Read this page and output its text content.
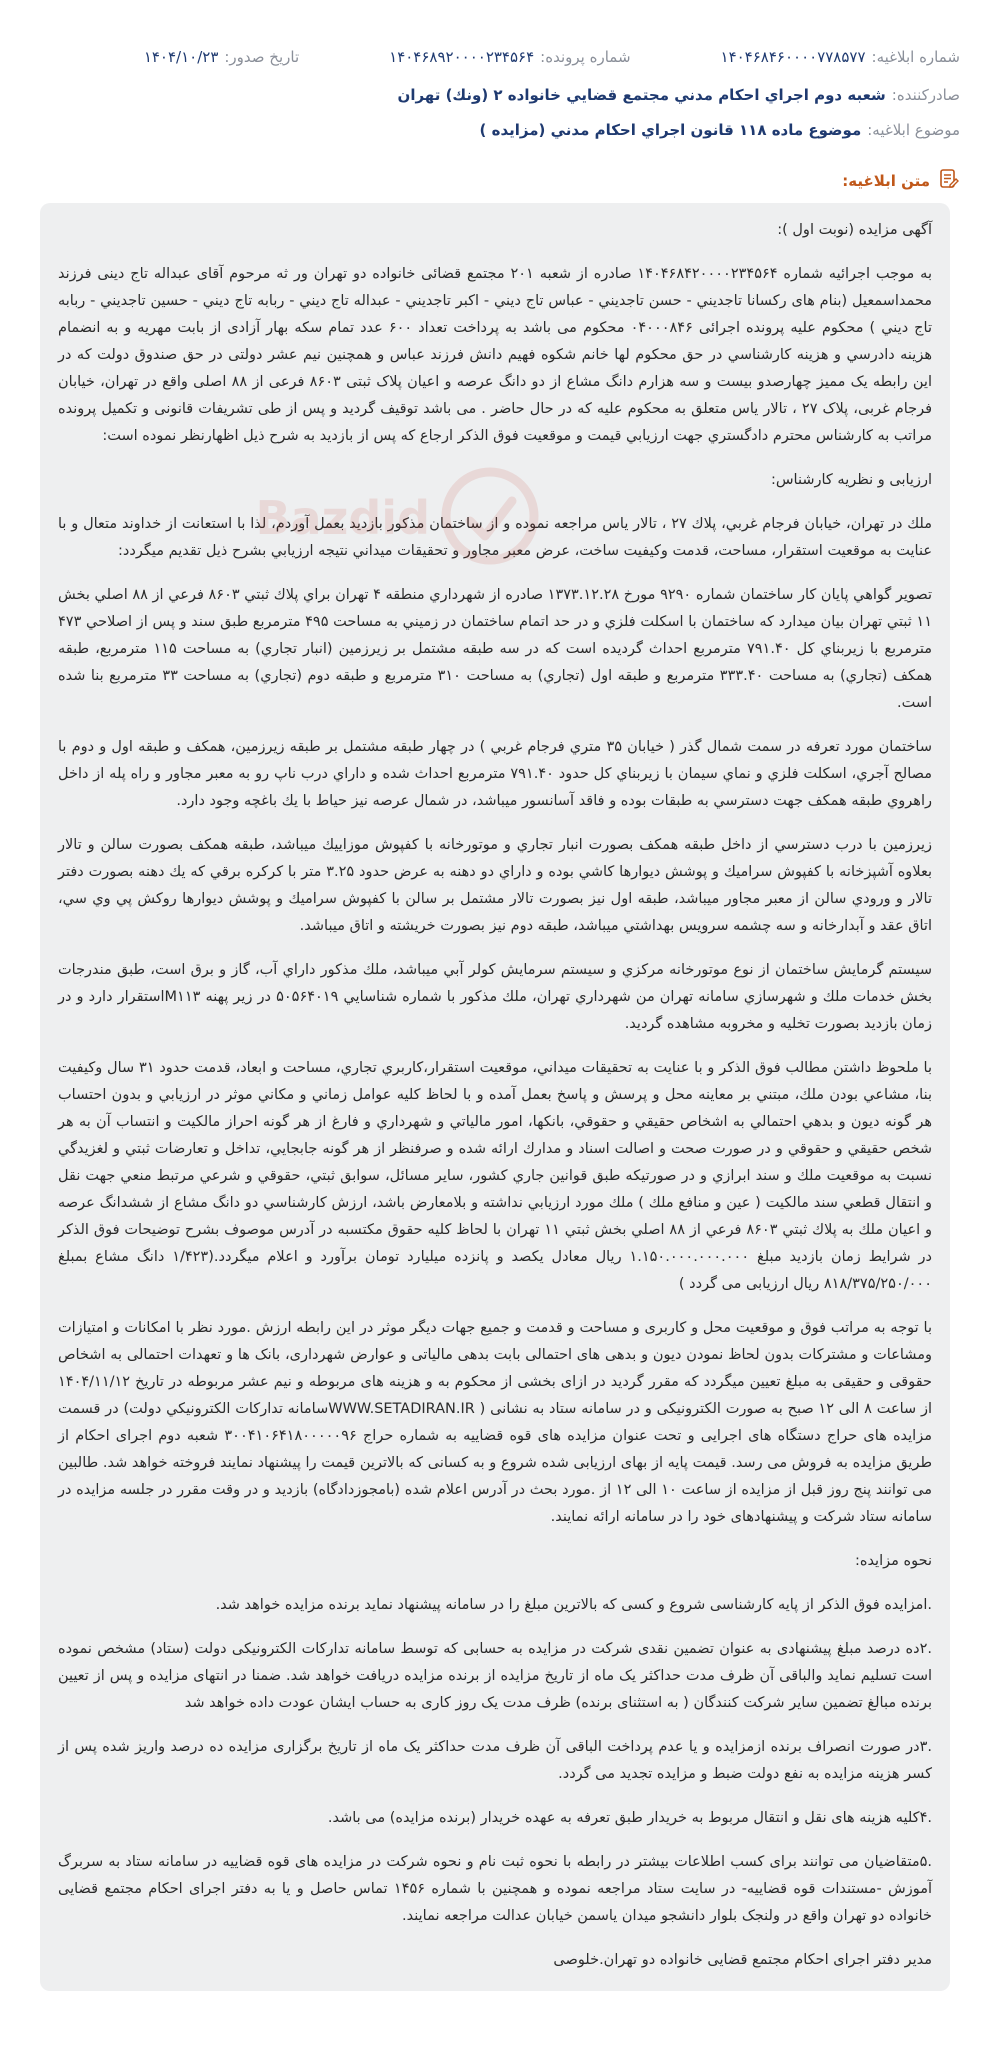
شماره ابلاغیه:
۱۴۰۴۶۸۴۶۰۰۰۰۷۷۸۵۷۷
شماره پرونده:
۱۴۰۴۶۸۹۲۰۰۰۰۲۳۴۵۶۴
تاریخ صدور:
۱۴۰۴/۱۰/۲۳
صادرکننده:
شعبه دوم اجراي احكام مدني مجتمع قضايي خانواده ۲ (ونك) تهران
موضوع ابلاغیه:
موضوع ماده ۱۱۸ قانون اجراي احكام مدني (مزايده )
متن ابلاغیه:
Bazdid

آگهی مزایده (نوبت اول ):

به موجب اجرائيه شماره ۱۴۰۴۶۸۴۲۰۰۰۰۲۳۴۵۶۴ صادره از شعبه ۲۰۱ مجتمع قضائی خانواده دو تهران ور ثه مرحوم آقای عبداله تاج دینی فرزند محمداسمعیل (بنام های ركسانا تاجديني - حسن تاجديني - عباس تاج ديني - اكبر تاجديني - عبداله تاج ديني - ربابه تاج ديني - حسين تاجديني - ربابه تاج ديني ) محكوم عليه پرونده اجرائی ۰۴۰۰۰۸۴۶ محكوم می باشد به پرداخت تعداد ۶۰۰ عدد تمام سکه بهار آزادی از بابت مهریه و به انضمام هزينه دادرسي و هزينه كارشناسي در حق محکوم لها خانم شکوه فهیم دانش فرزند عباس و همچنین نیم عشر دولتی در حق صندوق دولت كه در اين رابطه یک ممیز چهارصدو بیست و سه هزارم دانگ مشاع از دو دانگ عرصه و اعیان پلاک ثبتی ۸۶۰۳ فرعی از ۸۸ اصلی واقع در تهران، خیابان فرجام غربی، پلاک ۲۷ ، تالار یاس متعلق به محکوم علیه که در حال حاضر . می باشد توقیف گردید و پس از طی تشریفات قانونی و تکمیل پرونده مراتب به كارشناس محترم دادگستري جهت ارزيابي قيمت و موقعيت فوق الذكر ارجاع كه پس از بازديد به شرح ذيل اظهارنظر نموده است:

ارزيابی و نظريه كارشناس:

ملك در تهران، خيابان فرجام غربي، پلاك ۲۷ ، تالار ياس مراجعه نموده و از ساختمان مذكور بازديد بعمل آوردم، لذا با استعانت از خداوند متعال و با عنايت به موقعيت استقرار، مساحت، قدمت وكيفيت ساخت، عرض معبر مجاور و تحقيقات ميداني نتيجه ارزيابي بشرح ذيل تقديم ميگردد:

تصوير گواهي پايان كار ساختمان شماره ۹۲۹۰ مورخ ۱۳۷۳.۱۲.۲۸ صادره از شهرداري منطقه ۴ تهران براي پلاك ثبتي ۸۶۰۳ فرعي از ۸۸ اصلي بخش ۱۱ ثبتي تهران بيان ميدارد كه ساختمان با اسكلت فلزي و در حد اتمام ساختمان در زميني به مساحت ۴۹۵ مترمربع طبق سند و پس از اصلاحي ۴۷۳ مترمربع با زيربناي كل ۷۹۱.۴۰ مترمربع احداث گرديده است كه در سه طبقه مشتمل بر زيرزمين (انبار تجاري) به مساحت ۱۱۵ مترمربع، طبقه همكف (تجاري) به مساحت ۳۳۳.۴۰ مترمربع و طبقه اول (تجاري) به مساحت ۳۱۰ مترمربع و طبقه دوم (تجاري) به مساحت ۳۳ مترمربع بنا شده است.

ساختمان مورد تعرفه در سمت شمال گذر ( خيابان ۳۵ متري فرجام غربي ) در چهار طبقه مشتمل بر طبقه زيرزمين، همكف و طبقه اول و دوم با مصالح آجري، اسكلت فلزي و نماي سيمان با زيربناي كل حدود ۷۹۱.۴۰ مترمربع احداث شده و داراي درب ناپ رو به معبر مجاور و راه پله از داخل راهروي طبقه همكف جهت دسترسي به طبقات بوده و فاقد آسانسور ميباشد، در شمال عرصه نيز حياط با يك باغچه وجود دارد.

زيرزمين با درب دسترسي از داخل طبقه همكف بصورت انبار تجاري و موتورخانه با كفپوش موزاييك ميباشد، طبقه همكف بصورت سالن و تالار بعلاوه آشپزخانه با كفپوش سراميك و پوشش ديوارها كاشي بوده و داراي دو دهنه به عرض حدود ۳.۲۵ متر با كركره برقي كه يك دهنه بصورت دفتر تالار و ورودي سالن از معبر مجاور ميباشد، طبقه اول نيز بصورت تالار مشتمل بر سالن با كفپوش سراميك و پوشش ديوارها روكش پي وي سي، اتاق عقد و آبدارخانه و سه چشمه سرويس بهداشتي ميباشد، طبقه دوم نيز بصورت خريشته و اتاق ميباشد.

سيستم گرمايش ساختمان از نوع موتورخانه مركزي و سيستم سرمايش كولر آبي ميباشد، ملك مذكور داراي آب، گاز و برق است، طبق مندرجات بخش خدمات ملك و شهرسازي سامانه تهران من شهرداري تهران، ملك مذكور با شماره شناسايي ۵۰۵۶۴۰۱۹ در زير پهنه M۱۱۳استقرار دارد و در زمان بازديد بصورت تخليه و مخروبه مشاهده گرديد.

با ملحوظ داشتن مطالب فوق الذكر و با عنايت به تحقيقات ميداني، موقعيت استقرار،كاربري تجاري، مساحت و ابعاد، قدمت حدود ۳۱ سال وكيفيت بنا، مشاعي بودن ملك، مبتني بر معاينه محل و پرسش و پاسخ بعمل آمده و با لحاظ كليه عوامل زماني و مكاني موثر در ارزيابي و بدون احتساب هر گونه ديون و بدهي احتمالي به اشخاص حقيقي و حقوقي، بانكها، امور مالياتي و شهرداري و فارغ از هر گونه احراز مالكيت و انتساب آن به هر شخص حقيقي و حقوقي و در صورت صحت و اصالت اسناد و مدارك ارائه شده و صرفنظر از هر گونه جابجايي، تداخل و تعارضات ثبتي و لغزيدگي نسبت به موقعيت ملك و سند ابرازي و در صورتيكه طبق قوانين جاري كشور، ساير مسائل، سوابق ثبتي، حقوقي و شرعي مرتبط منعي جهت نقل و انتقال قطعي سند مالكيت ( عين و منافع ملك ) ملك مورد ارزيابي نداشته و بلامعارض باشد، ارزش كارشناسي دو دانگ مشاع از ششدانگ عرصه و اعيان ملك به پلاك ثبتي ۸۶۰۳ فرعي از ۸۸ اصلي بخش ثبتي ۱۱ تهران با لحاظ كليه حقوق مكتسبه در آدرس موصوف بشرح توضيحات فوق الذكر در شرايط زمان بازديد مبلغ ۱.۱۵۰.۰۰۰.۰۰۰.۰۰۰ ريال معادل يكصد و پانزده ميليارد تومان برآورد و اعلام ميگردد.(۱/۴۲۳ دانگ مشاع بمبلغ ۸۱۸/۳۷۵/۲۵۰/۰۰۰ ریال ارزیابی می گردد )

با توجه به مراتب فوق و موقعیت محل و کاربری و مساحت و قدمت و جمیع جهات دیگر موثر در این رابطه ارزش .مورد نظر با امکانات و امتیازات ومشاعات و مشترکات بدون لحاظ نمودن دیون و بدهی های احتمالی بابت بدهی مالیاتی و عوارض شهرداری، بانک ها و تعهدات احتمالی به اشخاص حقوقی و حقیقی به مبلغ تعیین میگردد که مقرر گردید در ازای بخشی از محکوم به و هزینه های مربوطه و نیم عشر مربوطه در تاریخ ۱۴۰۴/۱۱/۱۲ از ساعت ۸ الی ۱۲ صبح به صورت الکترونیکی و در سامانه ستاد به نشانی ( WWW.SETADIRAN.IRسامانه تداركات الكترونيكي دولت) در قسمت مزایده های حراج دستگاه های اجرایی و تحت عنوان مزایده های قوه قضاییه به شماره حراج ۳۰۰۴۱۰۶۴۱۸۰۰۰۰۰۹۶ شعبه دوم اجرای احکام از طریق مزایده به فروش می رسد. قیمت پایه از بهای ارزیابی شده شروع و به کسانی که بالاترین قیمت را پیشنهاد نمایند فروخته خواهد شد. طالبین می توانند پنج روز قبل از مزایده از ساعت ۱۰ الی ۱۲ از .مورد بحث در آدرس اعلام شده (بامجوزدادگاه) بازدید و در وقت مقرر در جلسه مزایده در سامانه ستاد شرکت و پیشنهادهای خود را در سامانه ارائه نمایند.

نحوه مزایده:

.امزایده فوق الذکر از پایه کارشناسی شروع و کسی که بالاترین مبلغ را در سامانه پیشنهاد نماید برنده مزایده خواهد شد.

.۲ده درصد مبلغ پیشنهادی به عنوان تضمین نقدی شرکت در مزایده به حسابی که توسط سامانه تدارکات الکترونیکی دولت (ستاد) مشخص نموده است تسلیم نماید والباقی آن ظرف مدت حداکثر یک ماه از تاریخ مزایده از برنده مزایده دریافت خواهد شد. ضمنا در انتهای مزایده و پس از تعیین برنده مبالغ تضمین سایر شرکت کنندگان ( به استثنای برنده) ظرف مدت یک روز کاری به حساب ایشان عودت داده خواهد شد

.۳در صورت انصراف برنده ازمزایده و یا عدم پرداخت الباقی آن ظرف مدت حداکثر یک ماه از تاریخ برگزاری مزایده ده درصد واریز شده پس از کسر هزینه مزایده به نفع دولت ضبط و مزایده تجدید می گردد.

.۴کلیه هزینه های نقل و انتقال مربوط به خریدار طبق تعرفه به عهده خریدار (برنده مزایده) می باشد.

.۵متقاضیان می توانند برای کسب اطلاعات بیشتر در رابطه با نحوه ثبت نام و نحوه شرکت در مزایده های قوه قضاییه در سامانه ستاد به سربرگ آموزش -مستندات قوه قضاییه- در سایت ستاد مراجعه نموده و همچنین با شماره ۱۴۵۶ تماس حاصل و یا به دفتر اجرای احکام مجتمع قضایی خانواده دو تهران واقع در ولنجک بلوار دانشجو میدان یاسمن خیابان عدالت مراجعه نمایند.

مدیر دفتر اجرای احکام مجتمع قضایی خانواده دو تهران.خلوصی
